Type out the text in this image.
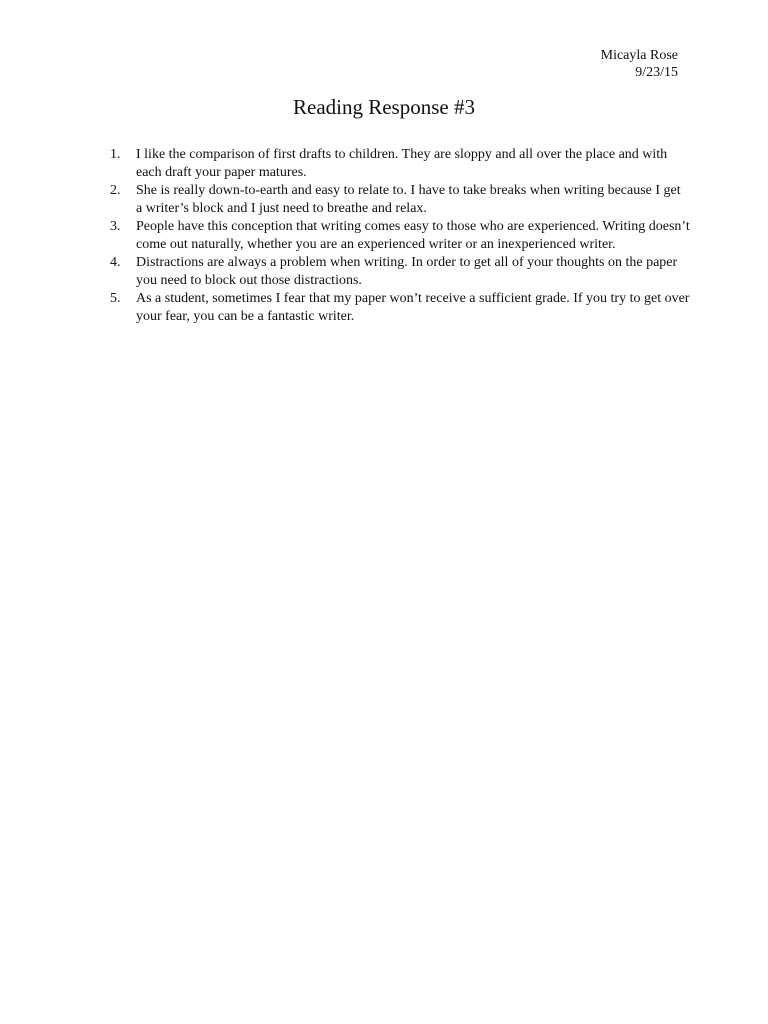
Micayla Rose
9/23/15
Reading Response #3
1.	I like the comparison of first drafts to children. They are sloppy and all over the place and with each draft your paper matures.
2.	She is really down-to-earth and easy to relate to. I have to take breaks when writing because I get a writer’s block and I just need to breathe and relax.
3.	People have this conception that writing comes easy to those who are experienced. Writing doesn’t come out naturally, whether you are an experienced writer or an inexperienced writer.
4.	Distractions are always a problem when writing. In order to get all of your thoughts on the paper you need to block out those distractions.
5.	As a student, sometimes I fear that my paper won’t receive a sufficient grade. If you try to get over your fear, you can be a fantastic writer.
